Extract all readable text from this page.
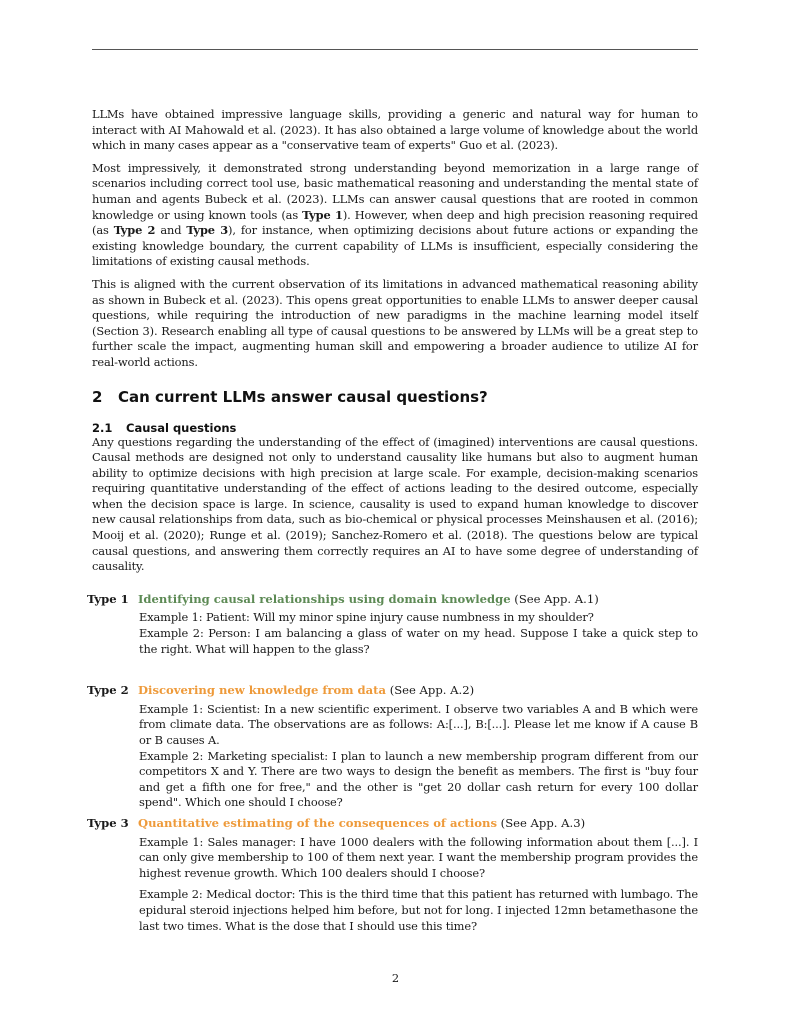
LLMs have obtained impressive language skills, providing a generic and natural way for human to interact with AI Mahowald et al. (2023). It has also obtained a large volume of knowledge about the world which in many cases appear as a "conservative team of experts" Guo et al. (2023).

Most impressively, it demonstrated strong understanding beyond memorization in a large range of scenarios including correct tool use, basic mathematical reasoning and understanding the mental state of human and agents Bubeck et al. (2023). LLMs can answer causal questions that are rooted in common knowledge or using known tools (as Type 1). However, when deep and high precision reasoning required (as Type 2 and Type 3), for instance, when optimizing decisions about future actions or expanding the existing knowledge boundary, the current capability of LLMs is insufficient, especially considering the limitations of existing causal methods.

This is aligned with the current observation of its limitations in advanced mathematical reasoning ability as shown in Bubeck et al. (2023). This opens great opportunities to enable LLMs to answer deeper causal questions, while requiring the introduction of new paradigms in the machine learning model itself (Section 3). Research enabling all type of causal questions to be answered by LLMs will be a great step to further scale the impact, augmenting human skill and empowering a broader audience to utilize AI for real-world actions.

2 Can current LLMs answer causal questions?
2.1 Causal questions

Any questions regarding the understanding of the effect of (imagined) interventions are causal questions. Causal methods are designed not only to understand causality like humans but also to augment human ability to optimize decisions with high precision at large scale. For example, decision-making scenarios requiring quantitative understanding of the effect of actions leading to the desired outcome, especially when the decision space is large. In science, causality is used to expand human knowledge to discover new causal relationships from data, such as bio-chemical or physical processes Meinshausen et al. (2016); Mooij et al. (2020); Runge et al. (2019); Sanchez-Romero et al. (2018). The questions below are typical causal questions, and answering them correctly requires an AI to have some degree of understanding of causality.

Type 1 Identifying causal relationships using domain knowledge (See App. A.1)

Example 1: Patient: Will my minor spine injury cause numbness in my shoulder?

Example 2: Person: I am balancing a glass of water on my head. Suppose I take a quick step to the right. What will happen to the glass?

Type 2 Discovering new knowledge from data (See App. A.2)

Example 1: Scientist: In a new scientific experiment. I observe two variables A and B which were from climate data. The observations are as follows: A:[...], B:[...]. Please let me know if A cause B or B causes A.

Example 2: Marketing specialist: I plan to launch a new membership program different from our competitors X and Y. There are two ways to design the benefit as members. The first is "buy four and get a fifth one for free," and the other is "get 20 dollar cash return for every 100 dollar spend". Which one should I choose?

Type 3 Quantitative estimating of the consequences of actions (See App. A.3)

Example 1: Sales manager: I have 1000 dealers with the following information about them [...]. I can only give membership to 100 of them next year. I want the membership program provides the highest revenue growth. Which 100 dealers should I choose?

Example 2: Medical doctor: This is the third time that this patient has returned with lumbago. The epidural steroid injections helped him before, but not for long. I injected 12mn betamethasone the last two times. What is the dose that I should use this time?

2
